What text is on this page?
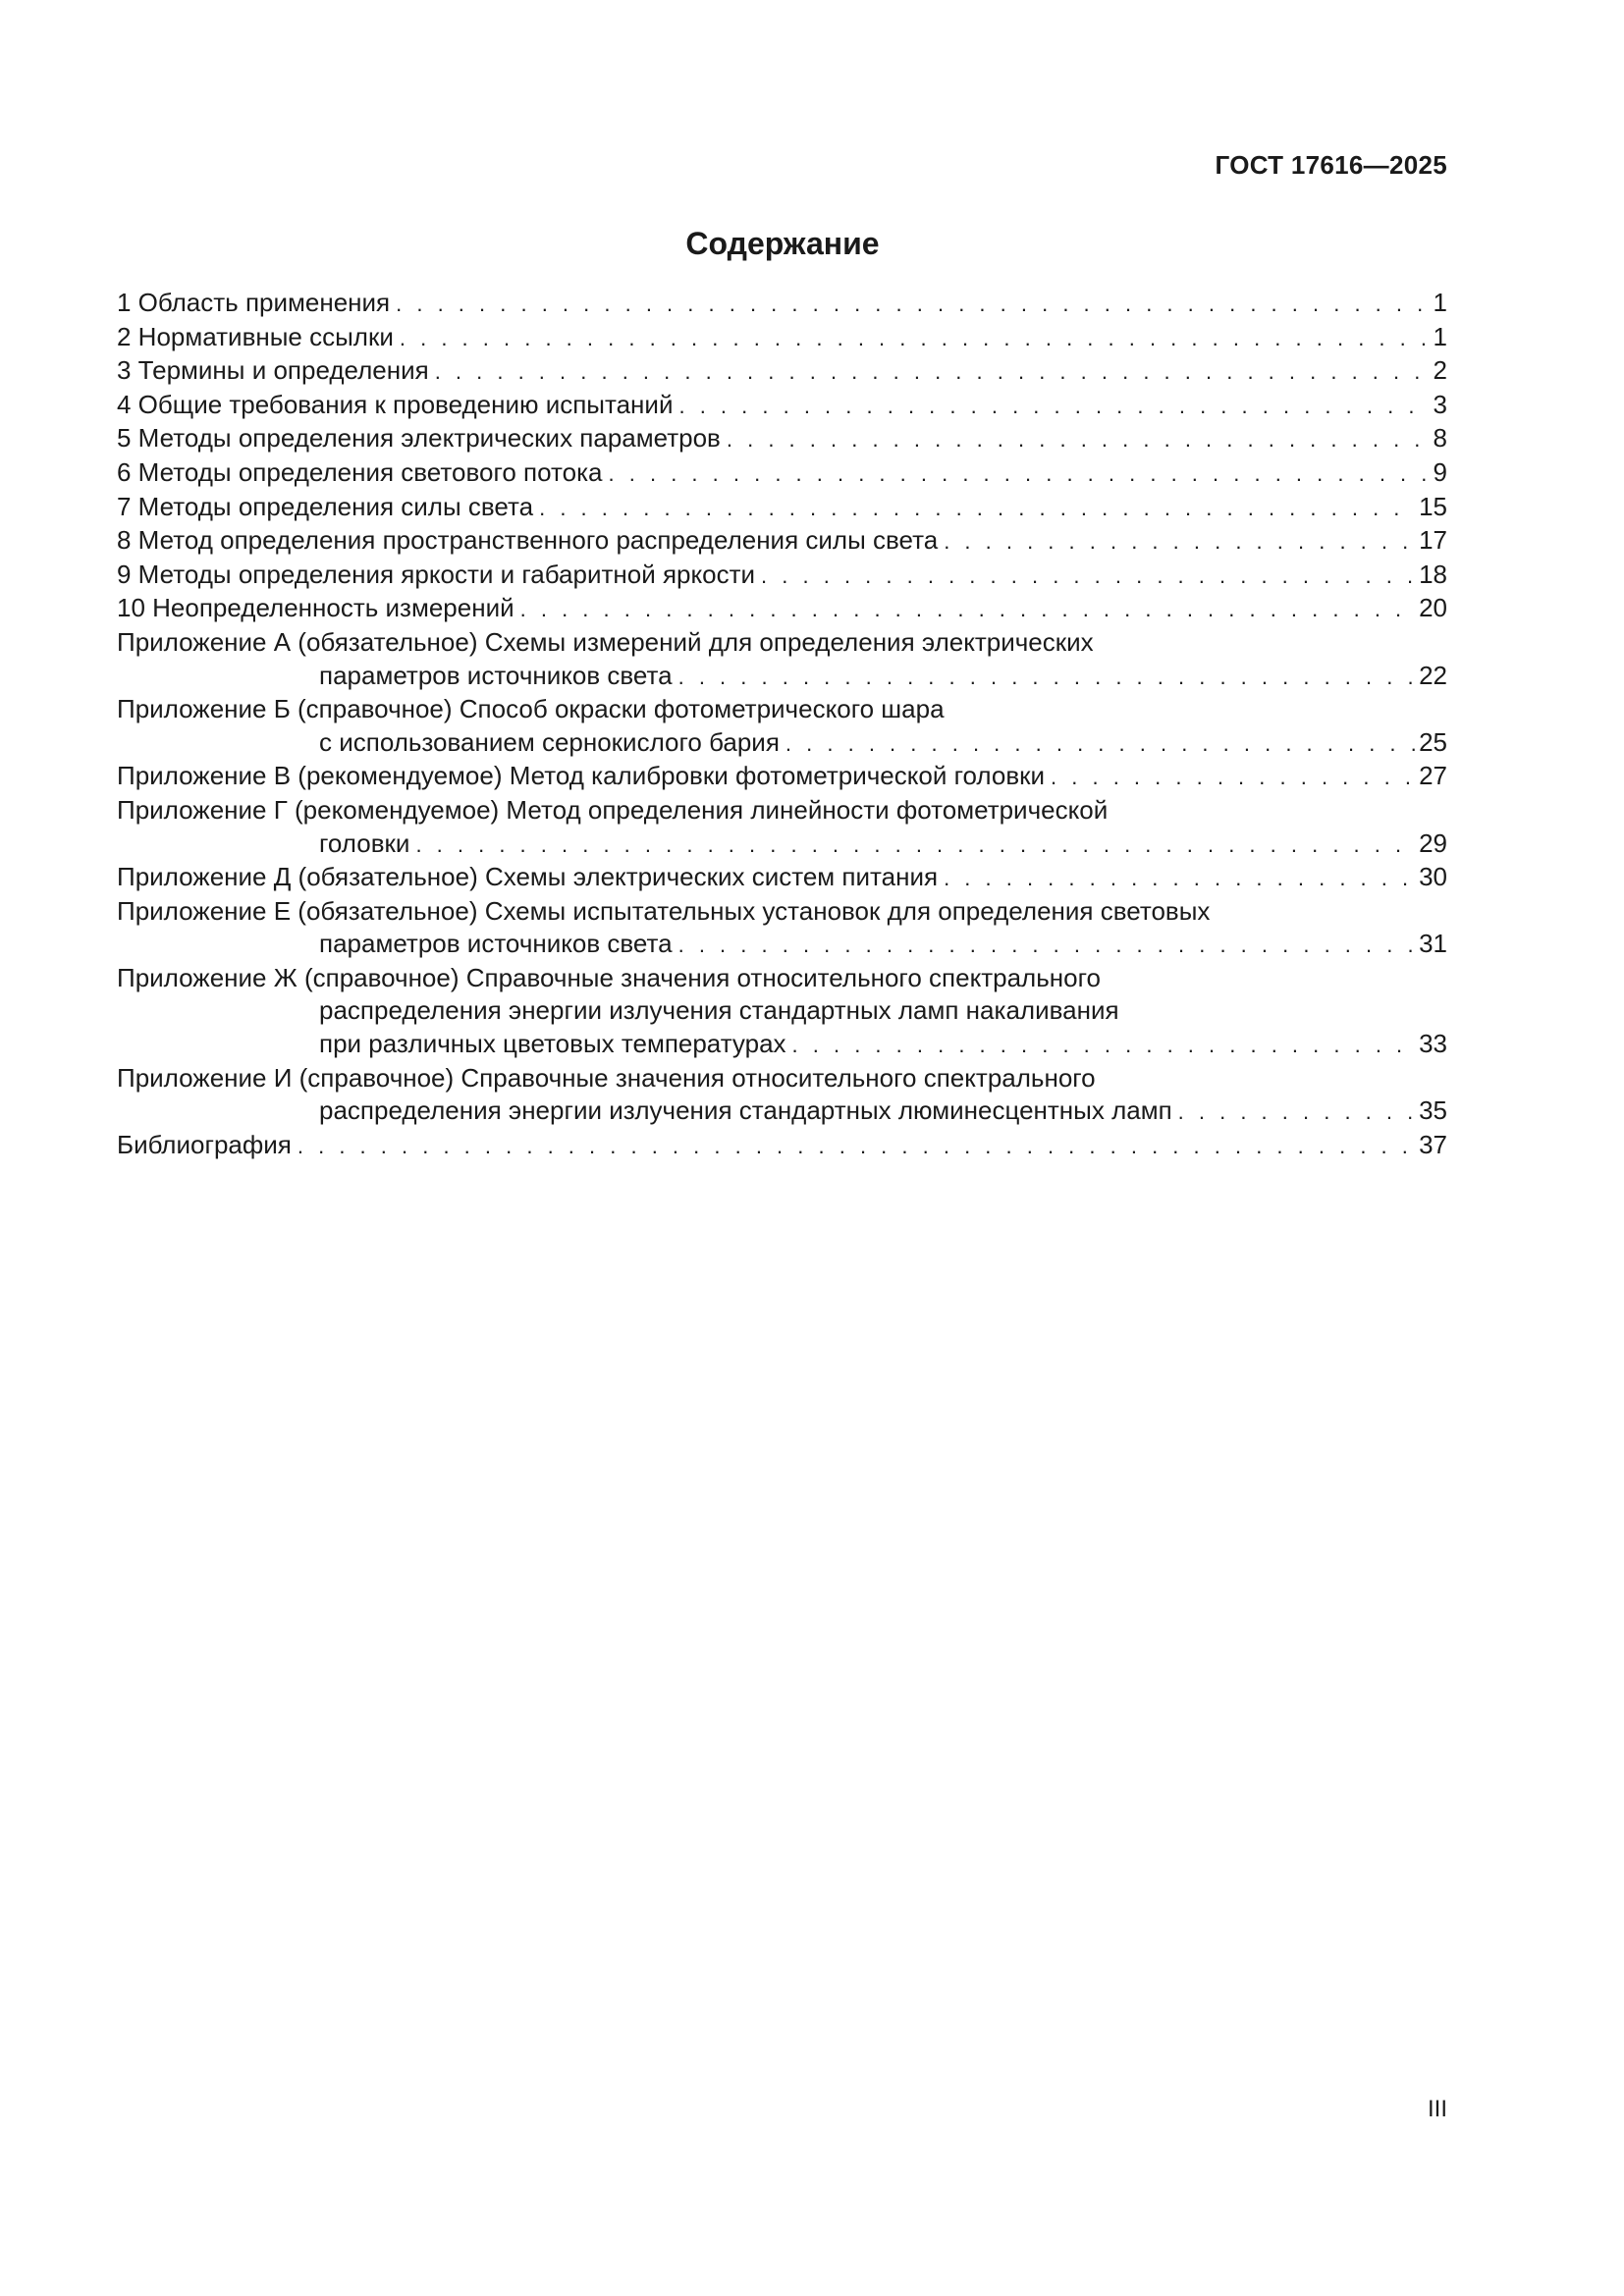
ГОСТ 17616—2025
Содержание
1 Область применения . . .	1
2 Нормативные ссылки . . .	1
3 Термины и определения . . .	2
4 Общие требования к проведению испытаний . . .	3
5 Методы определения электрических параметров . . .	8
6 Методы определения светового потока . . .	9
7 Методы определения силы света . . .	15
8 Метод определения пространственного распределения силы света . . .	17
9 Методы определения яркости и габаритной яркости . . .	18
10 Неопределенность измерений . . .	20
Приложение А (обязательное) Схемы измерений для определения электрических
параметров источников света . . .	22
Приложение Б (справочное) Способ окраски фотометрического шара
с использованием сернокислого бария . . .	25
Приложение В (рекомендуемое) Метод калибровки фотометрической головки . . .	27
Приложение Г (рекомендуемое) Метод определения линейности фотометрической
головки . . .	29
Приложение Д (обязательное) Схемы электрических систем питания . . .	30
Приложение Е (обязательное) Схемы испытательных установок для определения световых
параметров источников света . . .	31
Приложение Ж (справочное) Справочные значения относительного спектрального
распределения энергии излучения стандартных ламп накаливания
при различных цветовых температурах . . .	33
Приложение И (справочное) Справочные значения относительного спектрального
распределения энергии излучения стандартных люминесцентных ламп . . .	35
Библиография . . .	37
III
